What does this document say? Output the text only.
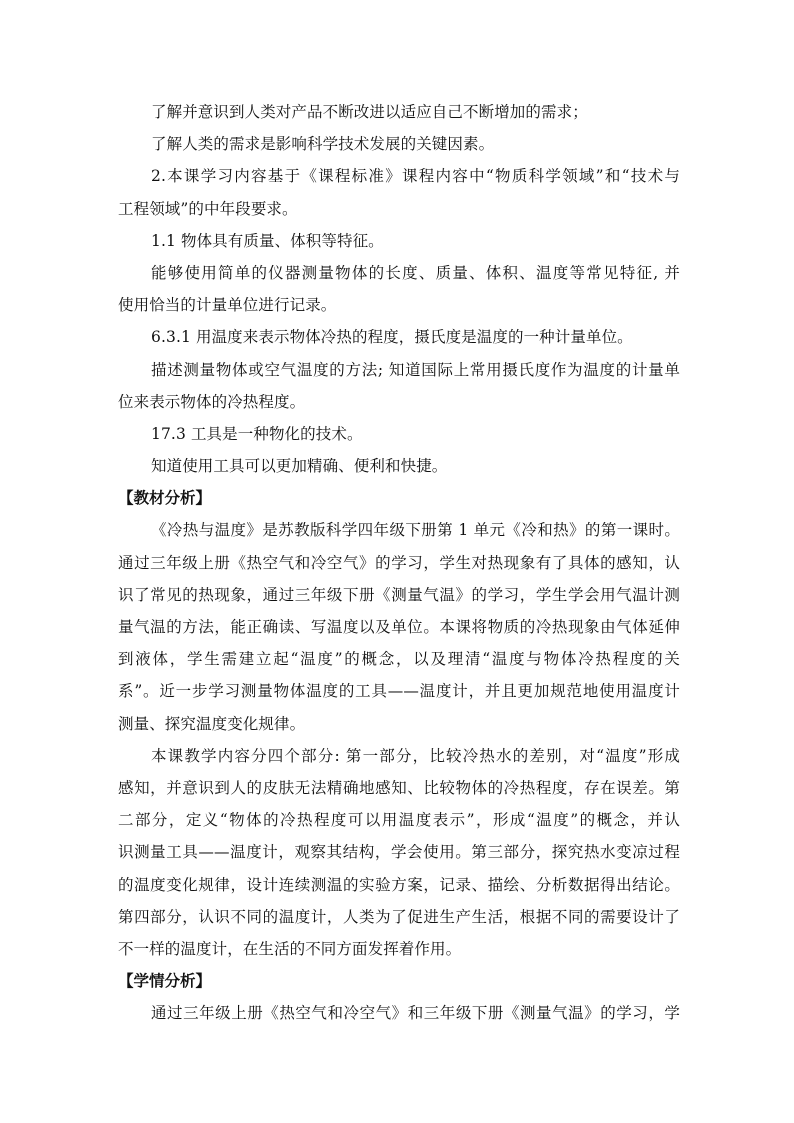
了解并意识到人类对产品不断改进以适应自己不断增加的需求；
了解人类的需求是影响科学技术发展的关键因素。
2.本课学习内容基于《课程标准》课程内容中“物质科学领域”和“技术与
工程领域”的中年段要求。
1.1 物体具有质量、体积等特征。
能够使用简单的仪器测量物体的长度、质量、体积、温度等常见特征, 并
使用恰当的计量单位进行记录。
6.3.1 用温度来表示物体冷热的程度，摄氏度是温度的一种计量单位。
描述测量物体或空气温度的方法; 知道国际上常用摄氏度作为温度的计量单
位来表示物体的冷热程度。
17.3 工具是一种物化的技术。
知道使用工具可以更加精确、便利和快捷。
【教材分析】
《冷热与温度》是苏教版科学四年级下册第 1 单元《冷和热》的第一课时。
通过三年级上册《热空气和冷空气》的学习，学生对热现象有了具体的感知，认
识了常见的热现象，通过三年级下册《测量气温》的学习，学生学会用气温计测
量气温的方法，能正确读、写温度以及单位。本课将物质的冷热现象由气体延伸
到液体，学生需建立起“温度”的概念，以及理清“温度与物体冷热程度的关
系”。近一步学习测量物体温度的工具——温度计，并且更加规范地使用温度计
测量、探究温度变化规律。
本课教学内容分四个部分: 第一部分，比较冷热水的差别，对“温度”形成
感知，并意识到人的皮肤无法精确地感知、比较物体的冷热程度，存在误差。第
二部分，定义“物体的冷热程度可以用温度表示”，形成“温度”的概念，并认
识测量工具——温度计，观察其结构，学会使用。第三部分，探究热水变凉过程
的温度变化规律，设计连续测温的实验方案，记录、描绘、分析数据得出结论。
第四部分，认识不同的温度计，人类为了促进生产生活，根据不同的需要设计了
不一样的温度计，在生活的不同方面发挥着作用。
【学情分析】
通过三年级上册《热空气和冷空气》和三年级下册《测量气温》的学习，学
